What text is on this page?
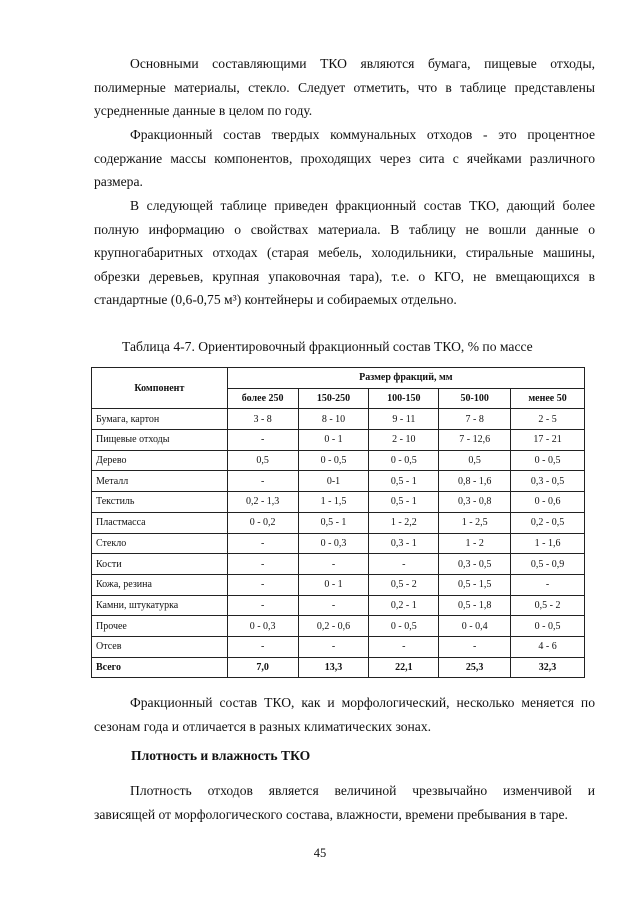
Основными составляющими ТКО являются бумага, пищевые отходы,
полимерные материалы, стекло. Следует отметить, что в таблице представлены
усредненные данные в целом по году.
Фракционный состав твердых коммунальных отходов - это процентное
содержание массы компонентов, проходящих через сита с ячейками различного
размера.
В следующей таблице приведен фракционный состав ТКО, дающий более
полную информацию о свойствах материала. В таблицу не вошли данные о
крупногабаритных отходах (старая мебель, холодильники, стиральные машины,
обрезки деревьев, крупная упаковочная тара), т.е. о КГО, не вмещающихся в
стандартные (0,6-0,75 м³) контейнеры и собираемых отдельно.
Таблица 4-7. Ориентировочный фракционный состав ТКО, % по массе
Компонент	Размер фракций, мм				
	более 250	150-250	100-150	50-100	менее 50
Бумага, картон	3 - 8	8 - 10	9 - 11	7 - 8	2 - 5
Пищевые отходы	-	0 - 1	2 - 10	7 - 12,6	17 - 21
Дерево	0,5	0 - 0,5	0 - 0,5	0,5	0 - 0,5
Металл	-	0-1	0,5 - 1	0,8 - 1,6	0,3 - 0,5
Текстиль	0,2 - 1,3	1 - 1,5	0,5 - 1	0,3 - 0,8	0 - 0,6
Пластмасса	0 - 0,2	0,5 - 1	1 - 2,2	1 - 2,5	0,2 - 0,5
Стекло	-	0 - 0,3	0,3 - 1	1 - 2	1 - 1,6
Кости	-	-	-	0,3 - 0,5	0,5 - 0,9
Кожа, резина	-	0 - 1	0,5 - 2	0,5 - 1,5	-
Камни, штукатурка	-	-	0,2 - 1	0,5 - 1,8	0,5 - 2
Прочее	0 - 0,3	0,2 - 0,6	0 - 0,5	0 - 0,4	0 - 0,5
Отсев	-	-	-	-	4 - 6
Всего	7,0	13,3	22,1	25,3	32,3
Фракционный состав ТКО, как и морфологический, несколько меняется по
сезонам года и отличается в разных климатических зонах.
Плотность и влажность ТКО
Плотность отходов является величиной чрезвычайно изменчивой и
зависящей от морфологического состава, влажности, времени пребывания в таре.
45
